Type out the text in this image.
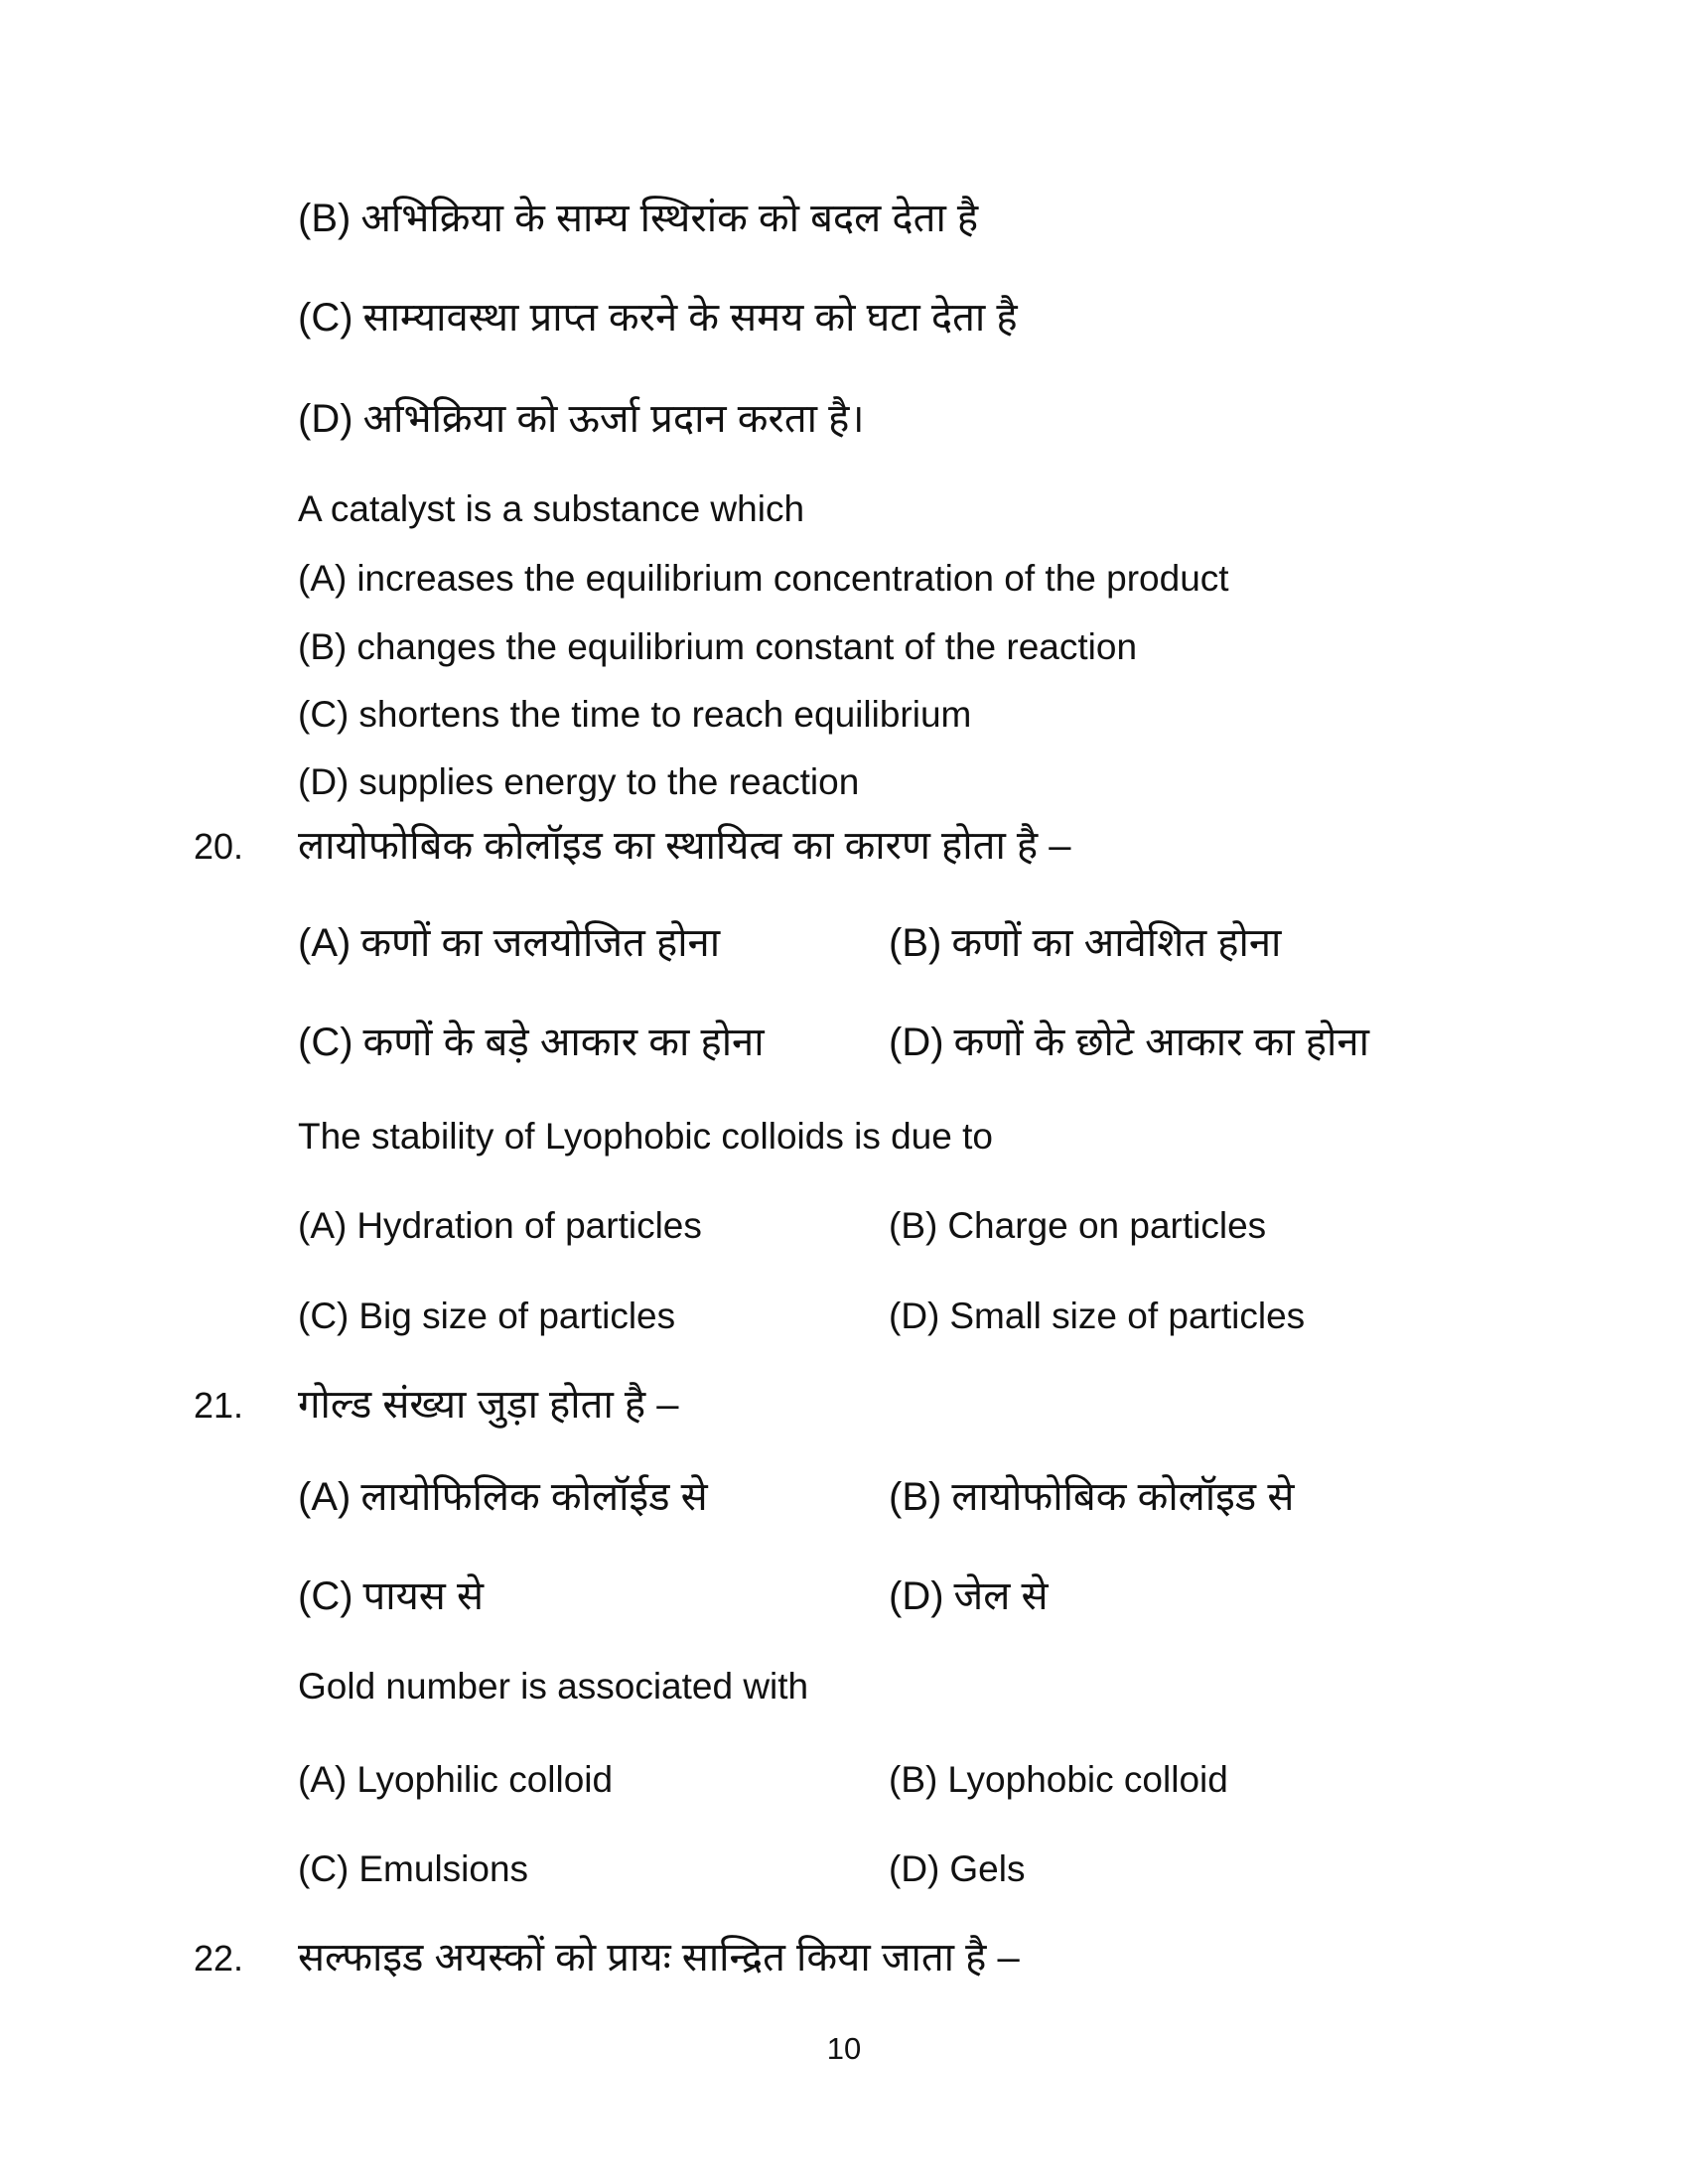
(B) अभिक्रिया के साम्य स्थिरांक को बदल देता है
(C) साम्यावस्था प्राप्त करने के समय को घटा देता है
(D) अभिक्रिया को ऊर्जा प्रदान करता है।
A catalyst is a substance which
(A) increases the equilibrium concentration of the product
(B) changes the equilibrium constant of the reaction
(C) shortens the time to reach equilibrium
(D) supplies energy to the reaction
20. लायोफोबिक कोलॉइड का स्थायित्व का कारण होता है –
(A) कणों का जलयोजित होना	(B) कणों का आवेशित होना
(C) कणों के बड़े आकार का होना	(D) कणों के छोटे आकार का होना
The stability of Lyophobic colloids is due to
(A) Hydration of particles	(B) Charge on particles
(C) Big size of particles	(D) Small size of particles
21. गोल्ड संख्या जुड़ा होता है –
(A) लायोफिलिक कोलॉईड से	(B) लायोफोबिक कोलॉइड से
(C) पायस से	(D) जेल से
Gold number is associated with
(A) Lyophilic colloid	(B) Lyophobic colloid
(C) Emulsions	(D) Gels
22. सल्फाइड अयस्कों को प्रायः सान्द्रित किया जाता है –
10
